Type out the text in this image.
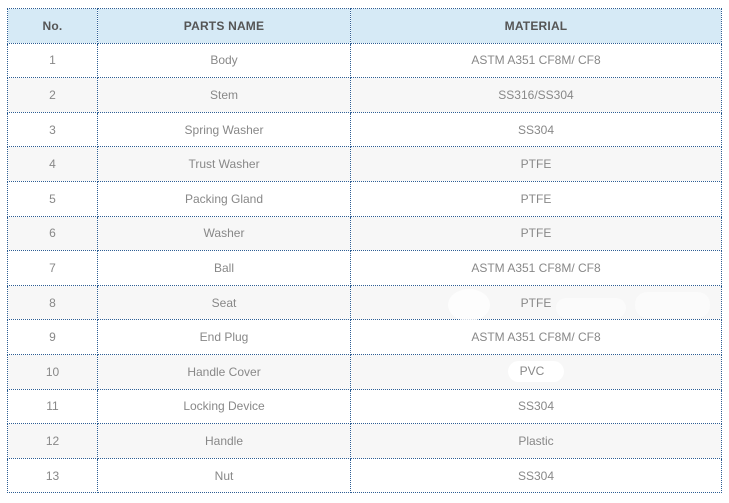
No.	PARTS NAME	MATERIAL
1	Body	ASTM A351 CF8M/ CF8
2	Stem	SS316/SS304
3	Spring Washer	SS304
4	Trust Washer	PTFE
5	Packing Gland	PTFE
6	Washer	PTFE
7	Ball	ASTM A351 CF8M/ CF8
8	Seat	PTFE
9	End Plug	ASTM A351 CF8M/ CF8
10	Handle Cover	PVC
11	Locking Device	SS304
12	Handle	Plastic
13	Nut	SS304
